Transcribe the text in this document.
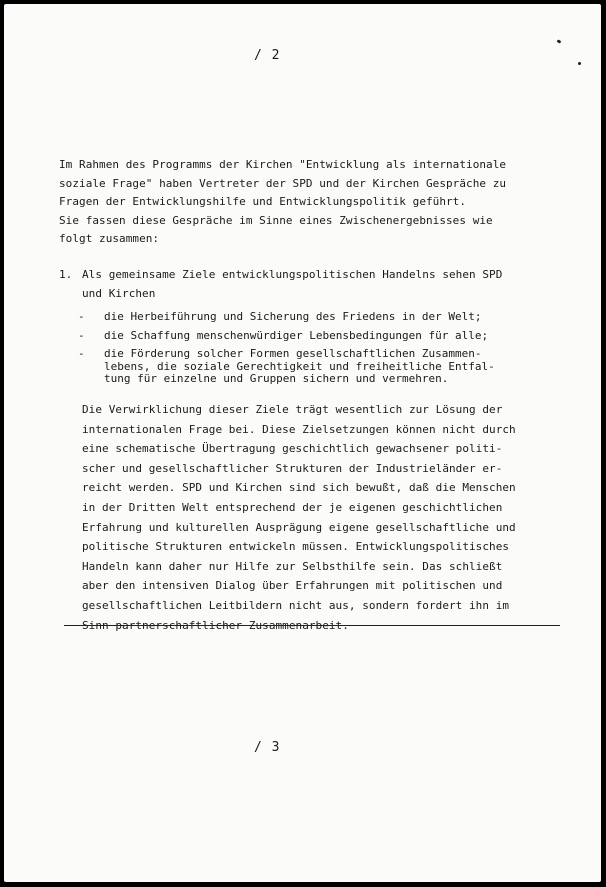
/ 2
Im Rahmen des Programms der Kirchen "Entwicklung als internationale
soziale Frage" haben Vertreter der SPD und der Kirchen Gespräche zu
Fragen der Entwicklungshilfe und Entwicklungspolitik geführt.
Sie fassen diese Gespräche im Sinne eines Zwischenergebnisses wie
folgt zusammen:
1. Als gemeinsame Ziele entwicklungspolitischen Handelns sehen SPD
und Kirchen
- die Herbeiführung und Sicherung des Friedens in der Welt;
- die Schaffung menschenwürdiger Lebensbedingungen für alle;
- die Förderung solcher Formen gesellschaftlichen Zusammen-
lebens, die soziale Gerechtigkeit und freiheitliche Entfal-
tung für einzelne und Gruppen sichern und vermehren.
Die Verwirklichung dieser Ziele trägt wesentlich zur Lösung der
internationalen Frage bei. Diese Zielsetzungen können nicht durch
eine schematische Übertragung geschichtlich gewachsener politi-
scher und gesellschaftlicher Strukturen der Industrieländer er-
reicht werden. SPD und Kirchen sind sich bewußt, daß die Menschen
in der Dritten Welt entsprechend der je eigenen geschichtlichen
Erfahrung und kulturellen Ausprägung eigene gesellschaftliche und
politische Strukturen entwickeln müssen. Entwicklungspolitisches
Handeln kann daher nur Hilfe zur Selbsthilfe sein. Das schließt
aber den intensiven Dialog über Erfahrungen mit politischen und
gesellschaftlichen Leitbildern nicht aus, sondern fordert ihn im
Sinn partnerschaftlicher Zusammenarbeit.
/ 3
